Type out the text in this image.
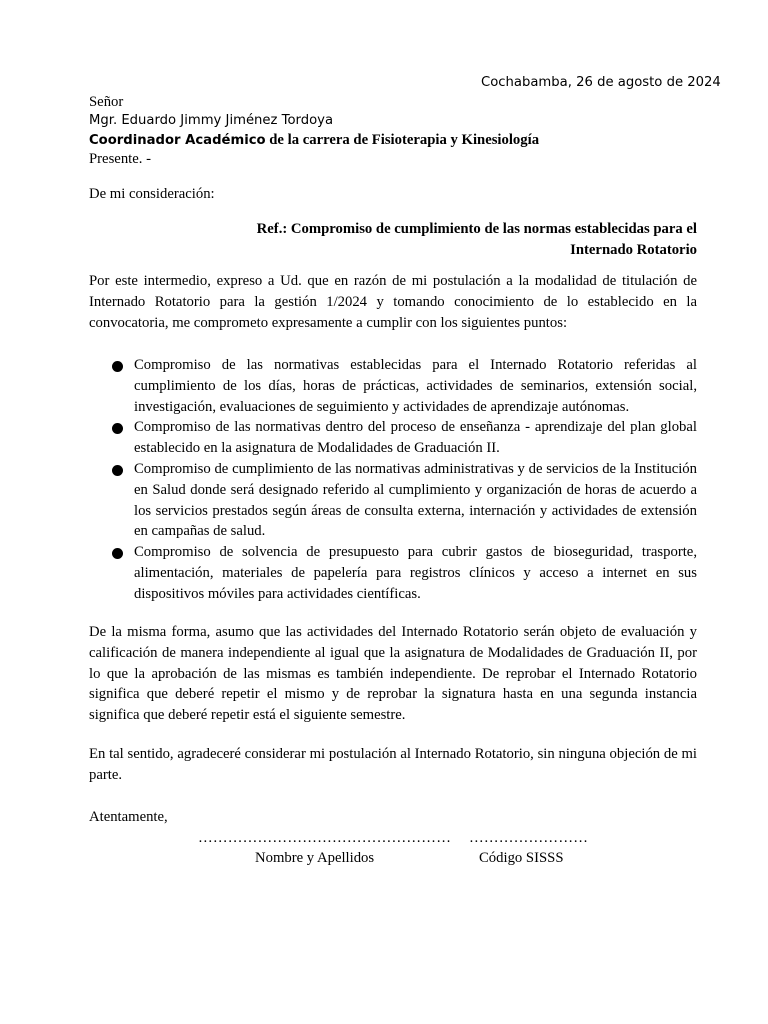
Cochabamba, 26 de agosto de 2024
Señor
Mgr. Eduardo Jimmy Jiménez Tordoya
Coordinador Académico de la carrera de Fisioterapia y Kinesiología
Presente. -
De mi consideración:
Ref.: Compromiso de cumplimiento de las normas establecidas para el Internado Rotatorio
Por este intermedio, expreso a Ud. que en razón de mi postulación a la modalidad de titulación de Internado Rotatorio para la gestión 1/2024 y tomando conocimiento de lo establecido en la convocatoria, me comprometo expresamente a cumplir con los siguientes puntos:
Compromiso de las normativas establecidas para el Internado Rotatorio referidas al cumplimiento de los días, horas de prácticas, actividades de seminarios, extensión social, investigación, evaluaciones de seguimiento y actividades de aprendizaje autónomas.
Compromiso de las normativas dentro del proceso de enseñanza - aprendizaje del plan global establecido en la asignatura de Modalidades de Graduación II.
Compromiso de cumplimiento de las normativas administrativas y de servicios de la Institución en Salud donde será designado referido al cumplimiento y organización de horas de acuerdo a los servicios prestados según áreas de consulta externa, internación y actividades de extensión en campañas de salud.
Compromiso de solvencia de presupuesto para cubrir gastos de bioseguridad, trasporte, alimentación, materiales de papelería para registros clínicos y acceso a internet en sus dispositivos móviles para actividades científicas.
De la misma forma, asumo que las actividades del Internado Rotatorio serán objeto de evaluación y calificación de manera independiente al igual que la asignatura de Modalidades de Graduación II, por lo que la aprobación de las mismas es también independiente. De reprobar el Internado Rotatorio significa que deberé repetir el mismo y de reprobar la signatura hasta en una segunda instancia significa que deberé repetir está el siguiente semestre.
En tal sentido, agradeceré considerar mi postulación al Internado Rotatorio, sin ninguna objeción de mi parte.
Atentamente,
…………………………………………… ……………………
Nombre y Apellidos	Código SISSS
